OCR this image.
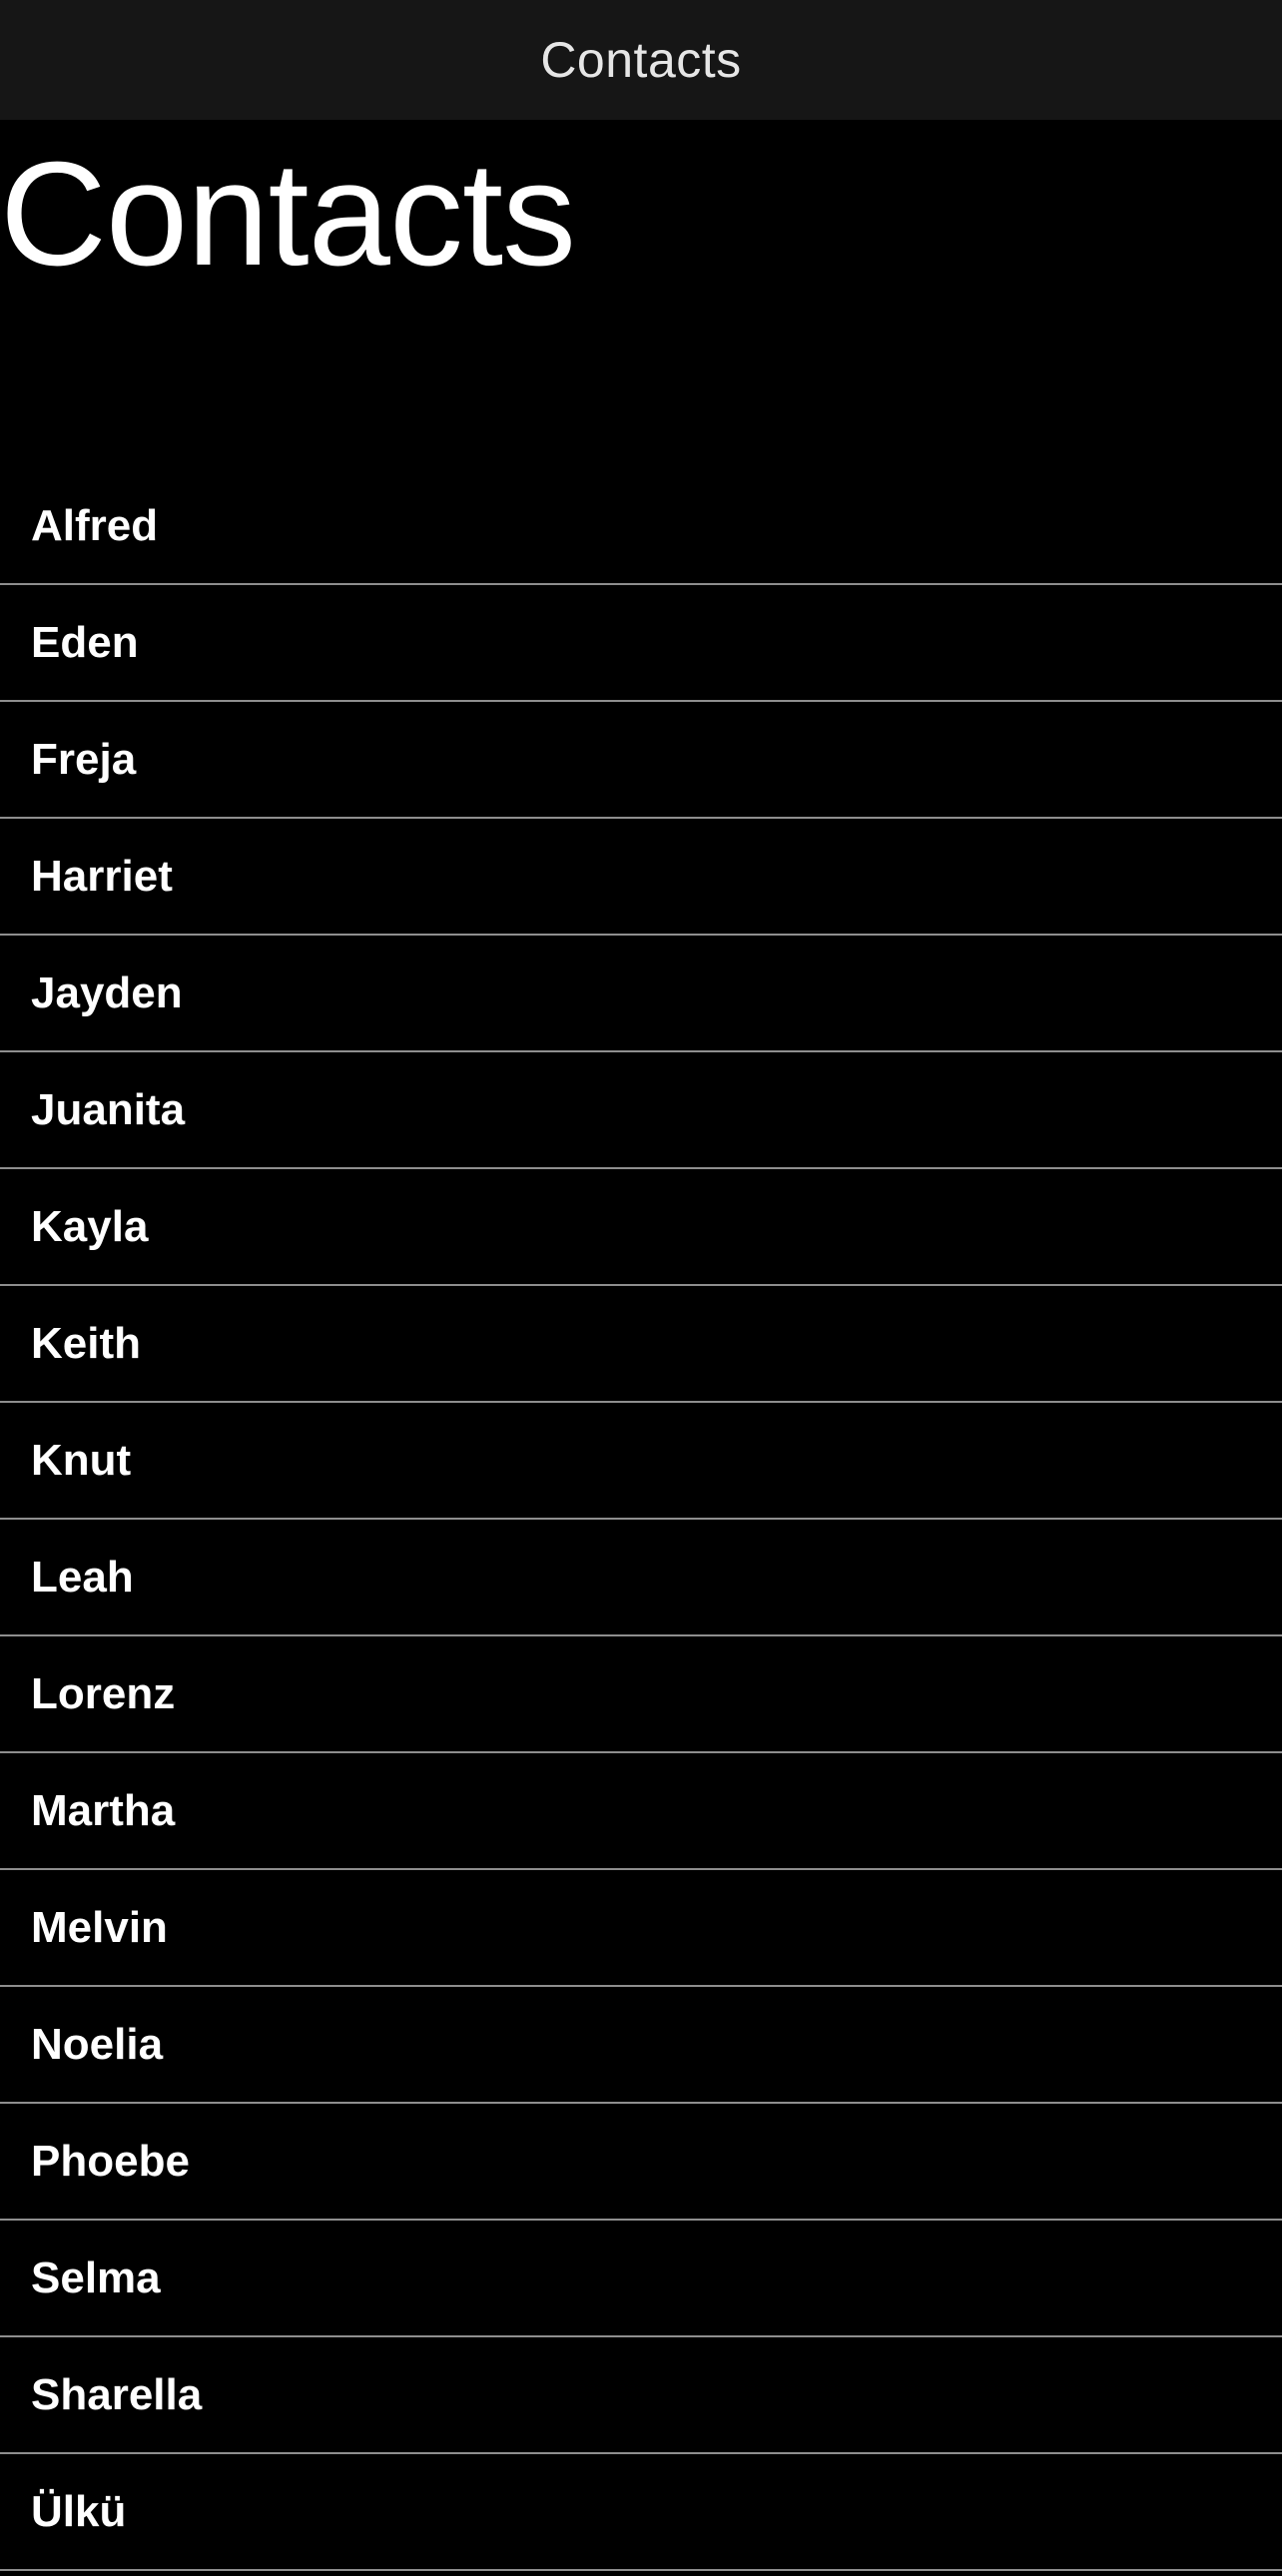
Contacts
Contacts
Alfred
Eden
Freja
Harriet
Jayden
Juanita
Kayla
Keith
Knut
Leah
Lorenz
Martha
Melvin
Noelia
Phoebe
Selma
Sharella
Ülkü
